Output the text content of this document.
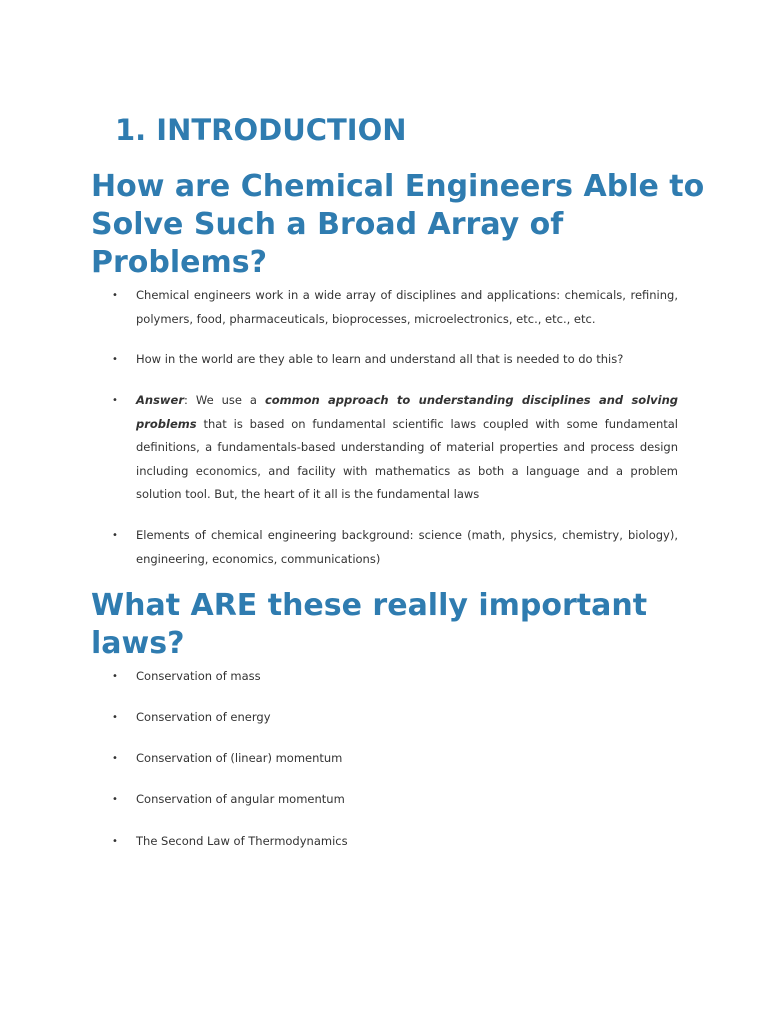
1. INTRODUCTION
How are Chemical Engineers Able to Solve Such a Broad Array of Problems?
• Chemical engineers work in a wide array of disciplines and applications: chemicals, refining, polymers, food, pharmaceuticals, bioprocesses, microelectronics, etc., etc., etc.
• How in the world are they able to learn and understand all that is needed to do this?
• Answer: We use a common approach to understanding disciplines and solving problems that is based on fundamental scientific laws coupled with some fundamental definitions, a fundamentals-based understanding of material properties and process design including economics, and facility with mathematics as both a language and a problem solution tool. But, the heart of it all is the fundamental laws
• Elements of chemical engineering background: science (math, physics, chemistry, biology), engineering, economics, communications)
What ARE these really important laws?
• Conservation of mass
• Conservation of energy
• Conservation of (linear) momentum
• Conservation of angular momentum
• The Second Law of Thermodynamics
